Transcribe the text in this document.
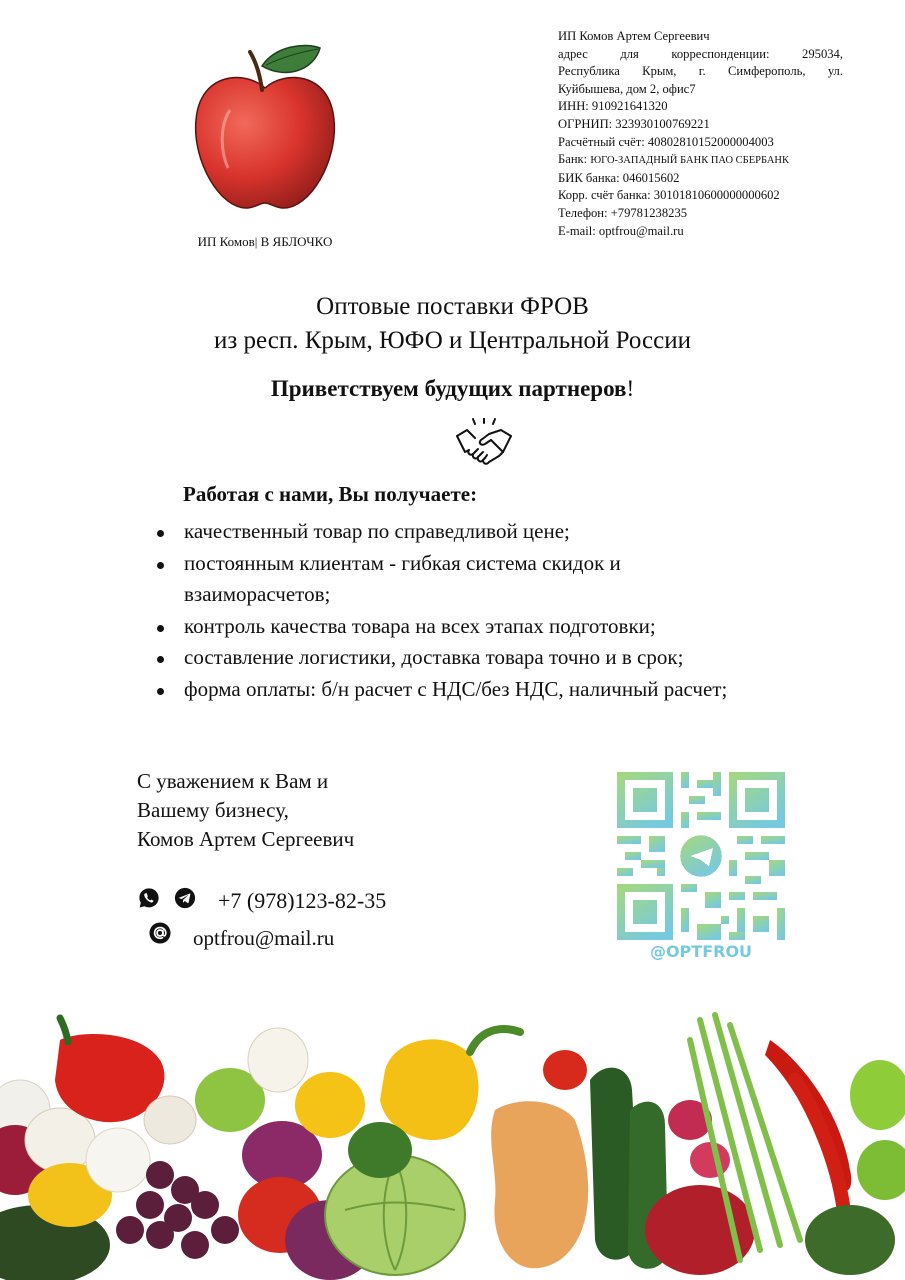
ИП Комов| В ЯБЛОЧКО
ИП Комов Артем Сергеевич
адрес для корреспонденции: 295034,
Республика Крым, г. Симферополь, ул.
Куйбышева, дом 2, офис7
ИНН: 910921641320
ОГРНИП: 323930100769221
Расчётный счёт: 40802810152000004003
Банк: ЮГО-ЗАПАДНЫЙ БАНК ПАО СБЕРБАНК
БИК банка: 046015602
Корр. счёт банка: 30101810600000000602
Телефон: +79781238235
E-mail: optfrou@mail.ru
Оптовые поставки ФРОВ
из респ. Крым, ЮФО и Центральной России
Приветствуем будущих партнеров!
Работая с нами, Вы получаете:
качественный товар по справедливой цене;
постоянным клиентам - гибкая система скидок и взаиморасчетов;
контроль качества товара на всех этапах подготовки;
составление логистики, доставка товара точно и в срок;
форма оплаты: б/н расчет с НДС/без НДС, наличный расчет;
С уважением к Вам и
Вашему бизнесу,
Комов Артем Сергеевич
+7 (978)123-82-35
optfrou@mail.ru
@OPTFROU
